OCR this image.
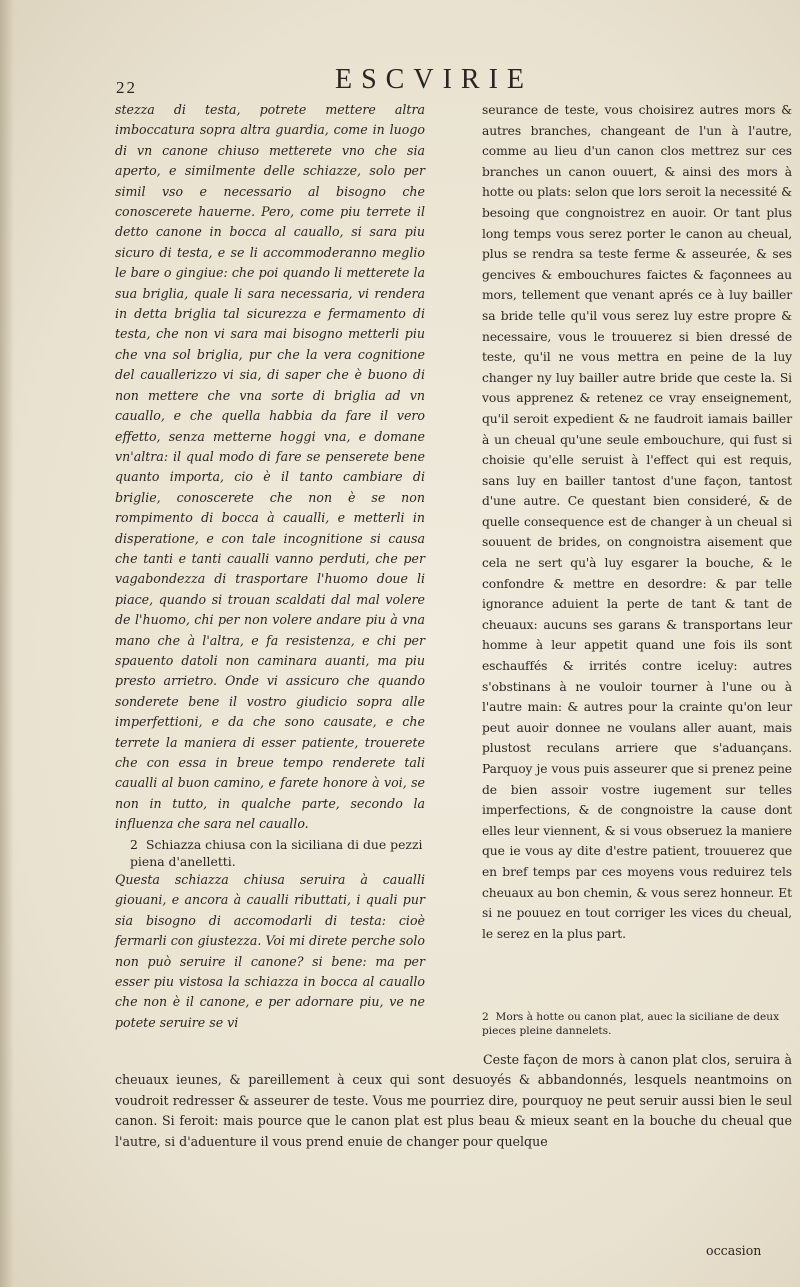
22	ESCVIRIE

stezza di testa, potrete mettere altra imboccatura sopra altra guardia, come in luogo di vn canone chiuso metterete vno che sia aperto, e similmente delle schiazze, solo per simil vso e necessario al bisogno che conoscerete hauerne. Pero, come piu terrete il detto canone in bocca al cauallo, si sara piu sicuro di testa, e se li accommoderanno meglio le bare o gingiue: che poi quando li metterete la sua briglia, quale li sara necessaria, vi rendera in detta briglia tal sicurezza e fermamento di testa, che non vi sara mai bisogno metterli piu che vna sol briglia, pur che la vera cognitione del cauallerizzo vi sia, di saper che è buono di non mettere che vna sorte di briglia ad vn cauallo, e che quella habbia da fare il vero effetto, senza metterne hoggi vna, e domane vn'altra: il qual modo di fare se penserete bene quanto importa, cio è il tanto cambiare di briglie, conoscerete che non è se non rompimento di bocca à caualli, e metterli in disperatione, e con tale incognitione si causa che tanti e tanti caualli vanno perduti, che per vagabondezza di trasportare l'huomo doue li piace, quando si trouan scaldati dal mal volere de l'huomo, chi per non volere andare piu à vna mano che à l'altra, e fa resistenza, e chi per spauento datoli non caminara auanti, ma piu presto arrietro. Onde vi assicuro che quando sonderete bene il vostro giudicio sopra alle imperfettioni, e da che sono causate, e che terrete la maniera di esser patiente, trouerete che con essa in breue tempo renderete tali caualli al buon camino, e farete honore à voi, se non in tutto, in qualche parte, secondo la influenza che sara nel cauallo.

2 Schiazza chiusa con la siciliana di due pezzi piena d'anelletti.

Questa schiazza chiusa seruira à caualli giouani, e ancora à caualli ributtati, i quali pur sia bisogno di accomodarli di testa: cioè fermarli con giustezza. Voi mi direte perche solo non può seruire il canone? si bene: ma per esser piu vistosa la schiazza in bocca al cauallo che non è il canone, e per adornare piu, ve ne potete seruire se vi

seurance de teste, vous choisirez autres mors & autres branches, changeant de l'un à l'autre, comme au lieu d'un canon clos mettrez sur ces branches un canon ouuert, & ainsi des mors à hotte ou plats: selon que lors seroit la necessité & besoing que congnoistrez en auoir. Or tant plus long temps vous serez porter le canon au cheual, plus se rendra sa teste ferme & asseurée, & ses gencives & embouchures faictes & façonnees au mors, tellement que venant aprés ce à luy bailler sa bride telle qu'il vous serez luy estre propre & necessaire, vous le trouuerez si bien dressé de teste, qu'il ne vous mettra en peine de la luy changer ny luy bailler autre bride que ceste la. Si vous apprenez & retenez ce vray enseignement, qu'il seroit expedient & ne faudroit iamais bailler à un cheual qu'une seule embouchure, qui fust si choisie qu'elle seruist à l'effect qui est requis, sans luy en bailler tantost d'une façon, tantost d'une autre. Ce questant bien consideré, & de quelle consequence est de changer à un cheual si souuent de brides, on congnoistra aisement que cela ne sert qu'à luy esgarer la bouche, & le confondre & mettre en desordre: & par telle ignorance aduient la perte de tant & tant de cheuaux: aucuns ses garans & transportans leur homme à leur appetit quand une fois ils sont eschauffés & irrités contre iceluy: autres s'obstinans à ne vouloir tourner à l'une ou à l'autre main: & autres pour la crainte qu'on leur peut auoir donnee ne voulans aller auant, mais plustost reculans arriere que s'aduançans. Parquoy je vous puis asseurer que si prenez peine de bien assoir vostre iugement sur telles imperfections, & de congnoistre la cause dont elles leur viennent, & si vous obseruez la maniere que ie vous ay dite d'estre patient, trouuerez que en bref temps par ces moyens vous reduirez tels cheuaux au bon chemin, & vous serez honneur. Et si ne pouuez en tout corriger les vices du cheual, le serez en la plus part.

2 Mors à hotte ou canon plat, auec la siciliane de deux pieces pleine dannelets.

Ceste façon de mors à canon plat clos, seruira à cheuaux ieunes, & pareillement à ceux qui sont desuoyés & abbandonnés, lesquels neantmoins on voudroit redresser & asseurer de teste. Vous me pourriez dire, pourquoy ne peut seruir aussi bien le seul canon. Si feroit: mais pource que le canon plat est plus beau & mieux seant en la bouche du cheual que l'autre, si d'aduenture il vous prend enuie de changer pour quelque

occasion
